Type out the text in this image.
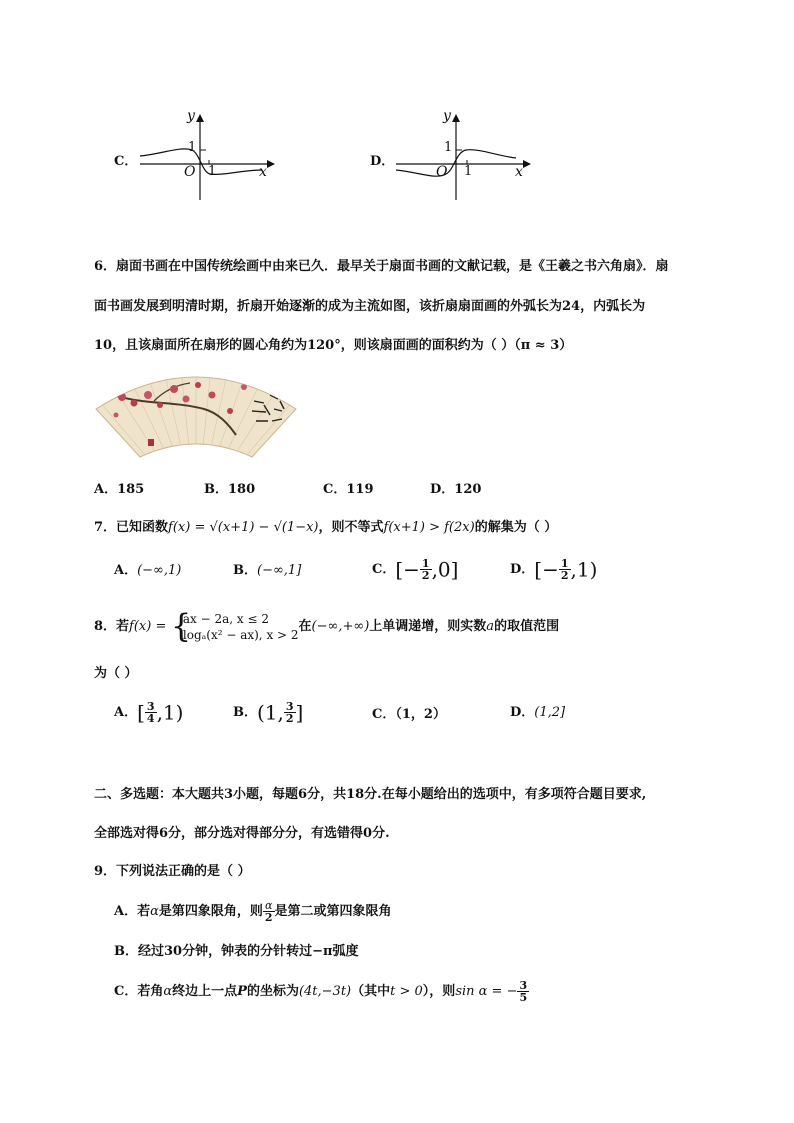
C．
y
1
O 1	x
D．
y
1
O 1	x
6．扇面书画在中国传统绘画中由来已久．最早关于扇面书画的文献记载，是《王羲之书六角扇》．扇
面书画发展到明清时期，折扇开始逐渐的成为主流如图，该折扇扇面画的外弧长为24，内弧长为
10，且该扇面所在扇形的圆心角约为120°，则该扇面画的面积约为（ ）（π ≈ 3）
A．185	B．180	C．119	D．120
7．已知函数f(x) = √(x+1) − √(1−x)，则不等式f(x+1) > f(2x)的解集为（ ）
A．(−∞,1)	B．(−∞,1]	C．[− $\frac{1}{2} ,0$]	D．[− $\frac{1}{2} ,1$)
8．若f(x) = {
ax − 2a, x ≤ 2
logₐ(x² − ax), x > 2
在(−∞,+∞)上单调递增，则实数a的取值范围
为（ ）
A．[ $\frac{3}{4} ,1$)	B．(1, $\frac{3}{2}$ ]	C．（1，2）	D．(1,2]
二、多选题：本大题共3小题，每题6分，共18分.在每小题给出的选项中，有多项符合题目要求,
全部选对得6分，部分选对得部分分，有选错得0分.
9．下列说法正确的是（ ）
A．若α是第四象限角，则 $\frac{\alpha}{2}$ 是第二或第四象限角
B．经过30分钟，钟表的分针转过−π弧度
C．若角α终边上一点P的坐标为(4t,−3t)（其中t > 0），则sin α = − $\frac{3}{5}$
